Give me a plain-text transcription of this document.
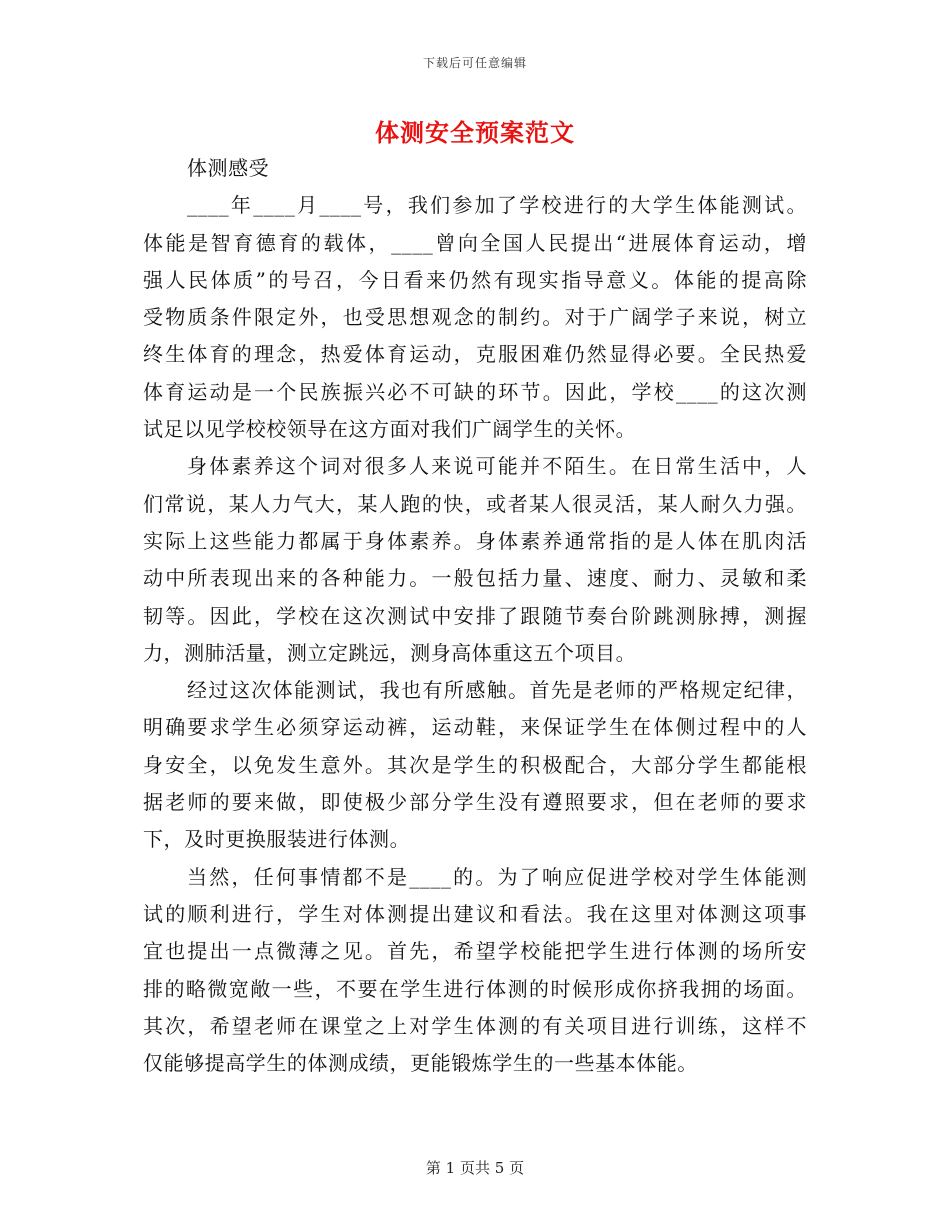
下载后可任意编辑
体测安全预案范文
体测感受
____年____月____号，我们参加了学校进行的大学生体能测试。
体能是智育德育的载体，____曾向全国人民提出“进展体育运动，增
强人民体质”的号召，今日看来仍然有现实指导意义。体能的提高除
受物质条件限定外，也受思想观念的制约。对于广阔学子来说，树立
终生体育的理念，热爱体育运动，克服困难仍然显得必要。全民热爱
体育运动是一个民族振兴必不可缺的环节。因此，学校____的这次测
试足以见学校校领导在这方面对我们广阔学生的关怀。
身体素养这个词对很多人来说可能并不陌生。在日常生活中，人
们常说，某人力气大，某人跑的快，或者某人很灵活，某人耐久力强。
实际上这些能力都属于身体素养。身体素养通常指的是人体在肌肉活
动中所表现出来的各种能力。一般包括力量、速度、耐力、灵敏和柔
韧等。因此，学校在这次测试中安排了跟随节奏台阶跳测脉搏，测握
力，测肺活量，测立定跳远，测身高体重这五个项目。
经过这次体能测试，我也有所感触。首先是老师的严格规定纪律，
明确要求学生必须穿运动裤，运动鞋，来保证学生在体侧过程中的人
身安全，以免发生意外。其次是学生的积极配合，大部分学生都能根
据老师的要来做，即使极少部分学生没有遵照要求，但在老师的要求
下，及时更换服装进行体测。
当然，任何事情都不是____的。为了响应促进学校对学生体能测
试的顺利进行，学生对体测提出建议和看法。我在这里对体测这项事
宜也提出一点微薄之见。首先，希望学校能把学生进行体测的场所安
排的略微宽敞一些，不要在学生进行体测的时候形成你挤我拥的场面。
其次，希望老师在课堂之上对学生体测的有关项目进行训练，这样不
仅能够提高学生的体测成绩，更能锻炼学生的一些基本体能。
第 1 页共 5 页
